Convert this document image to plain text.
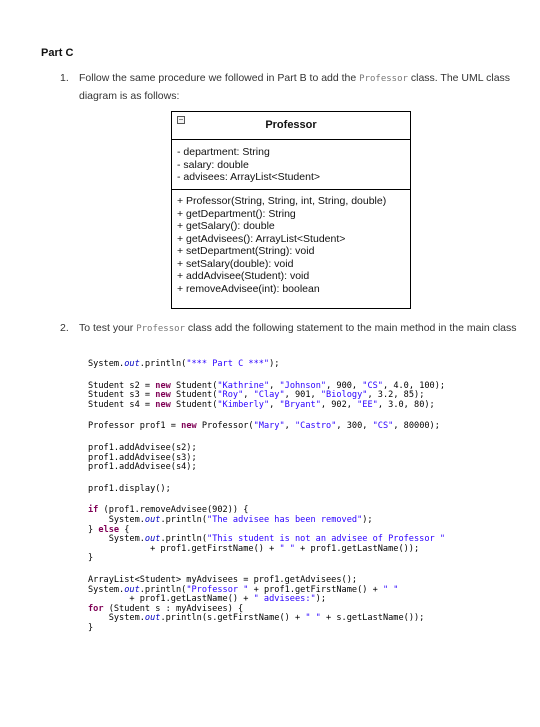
Part C
1. Follow the same procedure we followed in Part B to add the Professor class. The UML class diagram is as follows:
−	Professor
- department: String
- salary: double
- advisees: ArrayList<Student>
+ Professor(String, String, int, String, double)
+ getDepartment(): String
+ getSalary(): double
+ getAdvisees(): ArrayList<Student>
+ setDepartment(String): void
+ setSalary(double): void
+ addAdvisee(Student): void
+ removeAdvisee(int): boolean
2. To test your Professor class add the following statement to the main method in the main class
System.out.println("*** Part C ***");
Student s2 = new Student("Kathrine", "Johnson", 900, "CS", 4.0, 100);
Student s3 = new Student("Roy", "Clay", 901, "Biology", 3.2, 85);
Student s4 = new Student("Kimberly", "Bryant", 902, "EE", 3.0, 80);
Professor prof1 = new Professor("Mary", "Castro", 300, "CS", 80000);
prof1.addAdvisee(s2);
prof1.addAdvisee(s3);
prof1.addAdvisee(s4);
prof1.display();
if (prof1.removeAdvisee(902)) {
System.out.println("The advisee has been removed");
} else {
System.out.println("This student is not an advisee of Professor "
+ prof1.getFirstName() + " " + prof1.getLastName());
}
ArrayList<Student> myAdvisees = prof1.getAdvisees();
System.out.println("Professor " + prof1.getFirstName() + " "
+ prof1.getLastName() + " advisees:");
for (Student s : myAdvisees) {
System.out.println(s.getFirstName() + " " + s.getLastName());
}
